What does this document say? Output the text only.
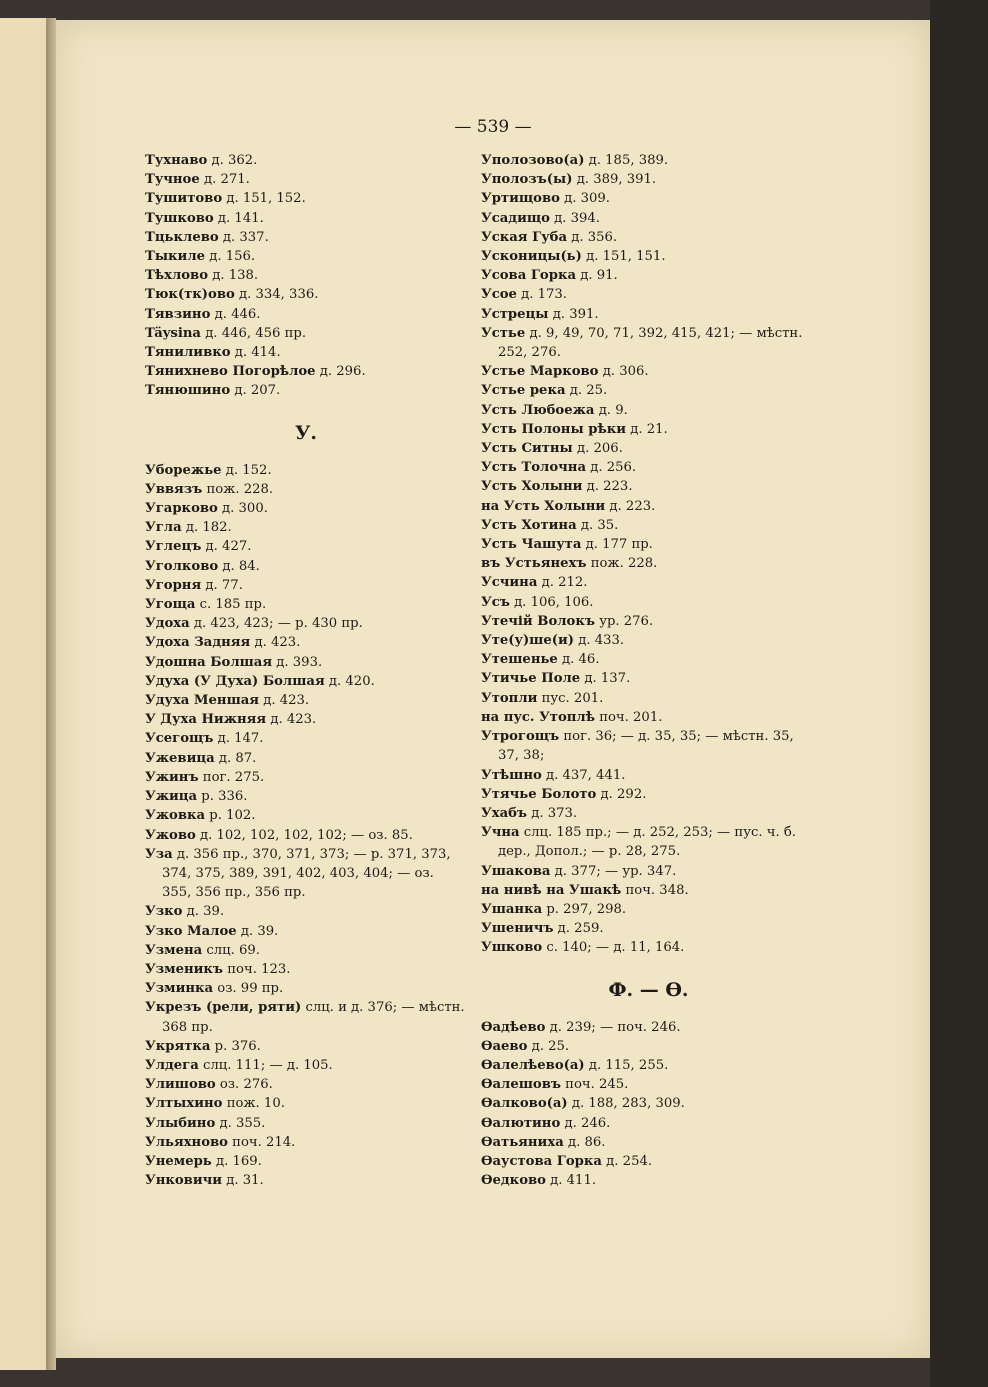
— 539 —
Тухнаво д. 362.
Тучное д. 271.
Тушитово д. 151, 152.
Тушково д. 141.
Тцьклево д. 337.
Тыкиле д. 156.
Тѣхлово д. 138.
Тюк(тк)ово д. 334, 336.
Тявзино д. 446.
Täysina д. 446, 456 пр.
Тяниливко д. 414.
Тянихнево Погорѣлое д. 296.
Тянюшино д. 207.
У.
Уборежье д. 152.
Уввязъ пож. 228.
Угарково д. 300.
Угла д. 182.
Углецъ д. 427.
Уголково д. 84.
Угорня д. 77.
Угоща с. 185 пр.
Удоха д. 423, 423; — р. 430 пр.
Удоха Задняя д. 423.
Удошна Болшая д. 393.
Удуха (У Духа) Болшая д. 420.
Удуха Меншая д. 423.
У Духа Нижняя д. 423.
Усегощъ д. 147.
Ужевица д. 87.
Ужинъ пог. 275.
Ужица р. 336.
Ужовка р. 102.
Ужово д. 102, 102, 102, 102; — оз. 85.
Уза д. 356 пр., 370, 371, 373; — р. 371, 373, 374, 375, 389, 391, 402, 403, 404; — оз. 355, 356 пр., 356 пр.
Узко д. 39.
Узко Малое д. 39.
Узмена слц. 69.
Узменикъ поч. 123.
Узминка оз. 99 пр.
Укрезъ (рели, ряти) слц. и д. 376; — мѣстн. 368 пр.
Укрятка р. 376.
Улдега слц. 111; — д. 105.
Улишово оз. 276.
Ултыхино пож. 10.
Улыбино д. 355.
Ульяхново поч. 214.
Унемерь д. 169.
Унковичи д. 31.
Уполозово(а) д. 185, 389.
Уполозъ(ы) д. 389, 391.
Уртищово д. 309.
Усадищо д. 394.
Уская Губа д. 356.
Усконицы(ь) д. 151, 151.
Усова Горка д. 91.
Усое д. 173.
Устрецы д. 391.
Устье д. 9, 49, 70, 71, 392, 415, 421; — мѣстн. 252, 276.
Устье Марково д. 306.
Устье река д. 25.
Усть Любоежа д. 9.
Усть Полоны рѣки д. 21.
Усть Ситны д. 206.
Усть Толочна д. 256.
Усть Холыни д. 223.
на Усть Холыни д. 223.
Усть Хотина д. 35.
Усть Чашута д. 177 пр.
въ Устьянехъ пож. 228.
Усчина д. 212.
Усъ д. 106, 106.
Утечій Волокъ ур. 276.
Уте(у)ше(и) д. 433.
Утешенье д. 46.
Утичье Поле д. 137.
Утопли пус. 201.
на пус. Утоплѣ поч. 201.
Утрогощъ пог. 36; — д. 35, 35; — мѣстн. 35, 37, 38;
Утѣшно д. 437, 441.
Утячье Болото д. 292.
Ухабъ д. 373.
Учна слц. 185 пр.; — д. 252, 253; — пус. ч. б. дер., Допол.; — р. 28, 275.
Ушакова д. 377; — ур. 347.
на нивѣ на Ушакѣ поч. 348.
Ушанка р. 297, 298.
Ушеничъ д. 259.
Ушково с. 140; — д. 11, 164.
Ф. — Ѳ.
Ѳадѣево д. 239; — поч. 246.
Ѳаево д. 25.
Ѳалелѣево(а) д. 115, 255.
Ѳалешовъ поч. 245.
Ѳалково(а) д. 188, 283, 309.
Ѳалютино д. 246.
Ѳатьяниха д. 86.
Ѳаустова Горка д. 254.
Ѳедково д. 411.
